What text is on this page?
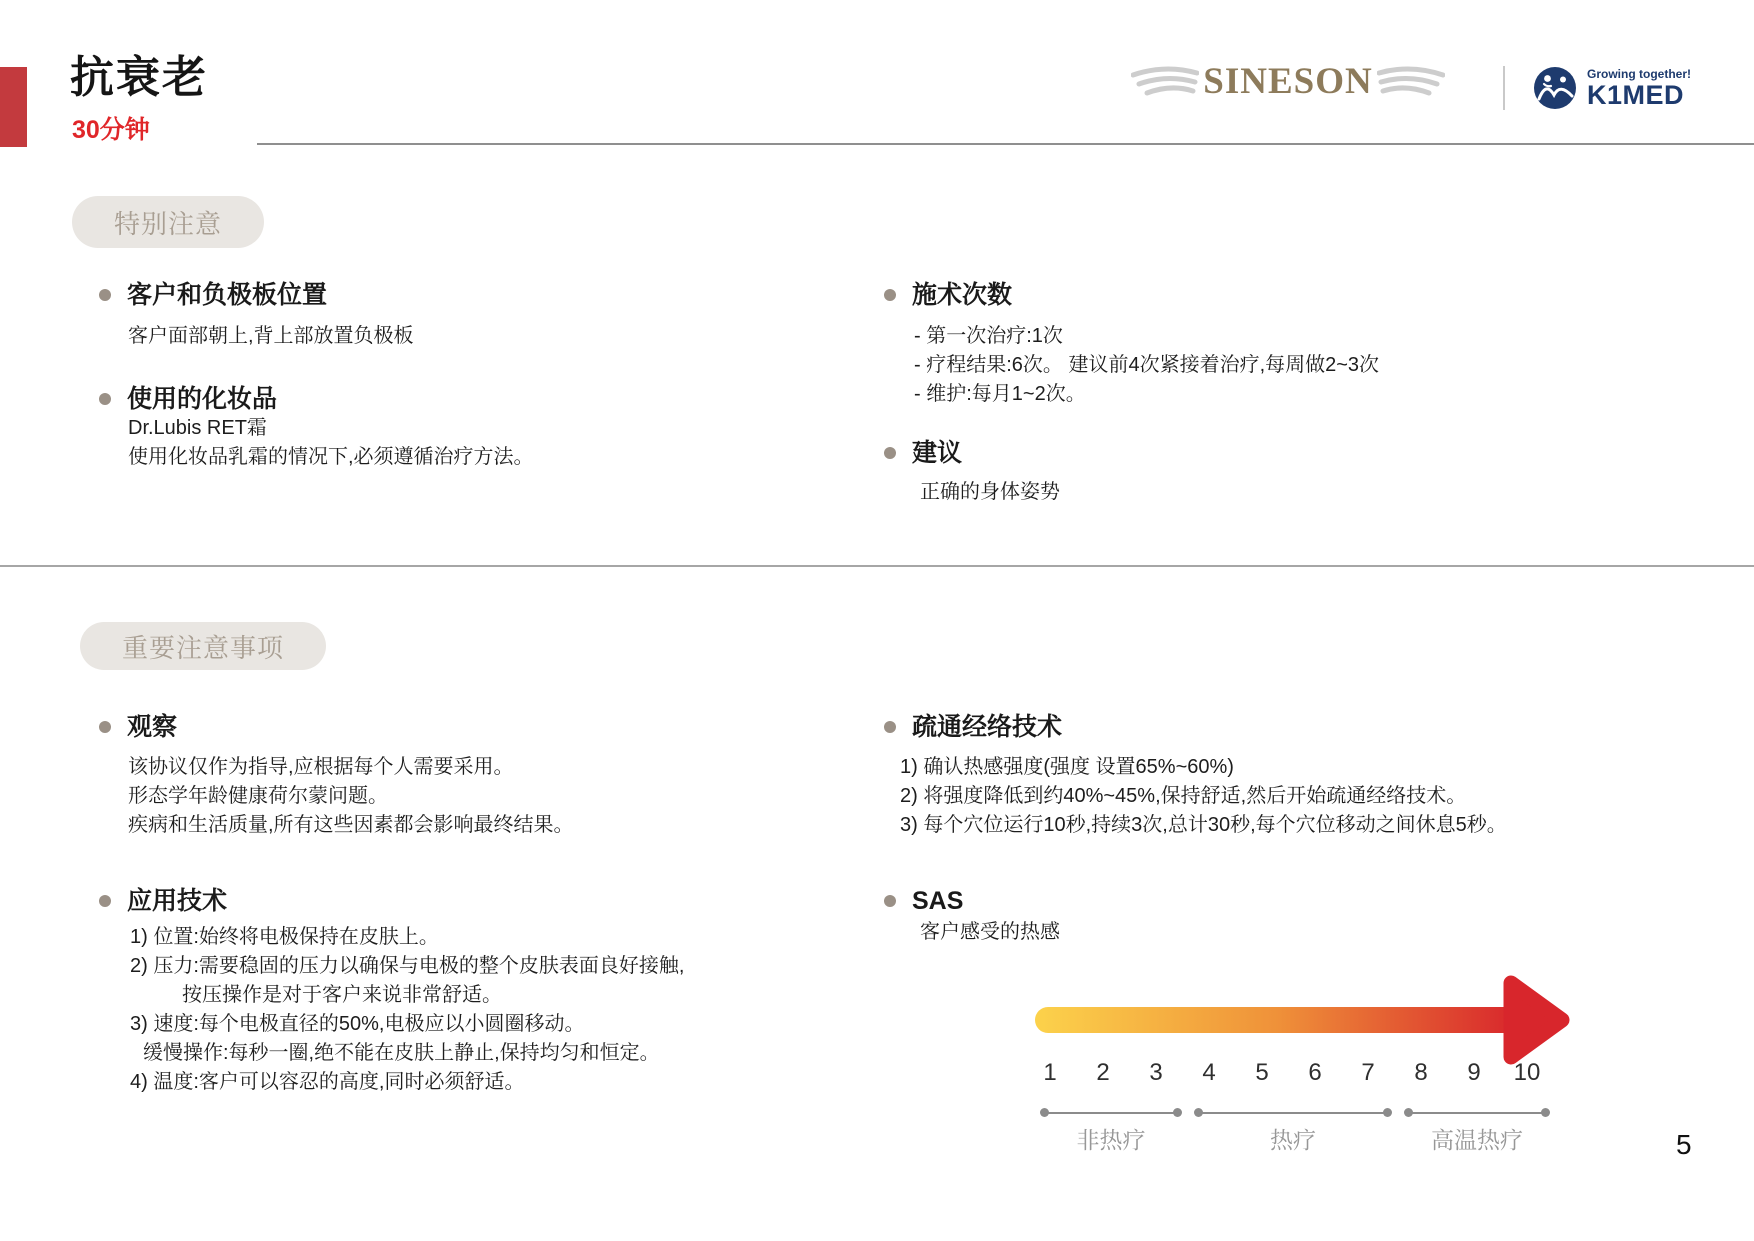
抗衰老
30分钟
SINESON	Growing together!
K1MED
特别注意
客户和负极板位置
客户面部朝上,背上部放置负极板
使用的化妆品
Dr.Lubis RET霜
使用化妆品乳霜的情况下,必须遵循治疗方法。
施术次数
- 第一次治疗:1次
- 疗程结果:6次。 建议前4次紧接着治疗,每周做2~3次
- 维护:每月1~2次。
建议
正确的身体姿势
重要注意事项
观察
该协议仅作为指导,应根据每个人需要采用。
形态学年龄健康荷尔蒙问题。
疾病和生活质量,所有这些因素都会影响最终结果。
应用技术
1) 位置:始终将电极保持在皮肤上。
2) 压力:需要稳固的压力以确保与电极的整个皮肤表面良好接触,
按压操作是对于客户来说非常舒适。
3) 速度:每个电极直径的50%,电极应以小圆圈移动。
缓慢操作:每秒一圈,绝不能在皮肤上静止,保持均匀和恒定。
4) 温度:客户可以容忍的高度,同时必须舒适。
疏通经络技术
1) 确认热感强度(强度 设置65%~60%)
2) 将强度降低到约40%~45%,保持舒适,然后开始疏通经络技术。
3) 每个穴位运行10秒,持续3次,总计30秒,每个穴位移动之间休息5秒。
SAS
客户感受的热感
1 2 3 4 5 6 7 8 9 10
非热疗	热疗	高温热疗	5
